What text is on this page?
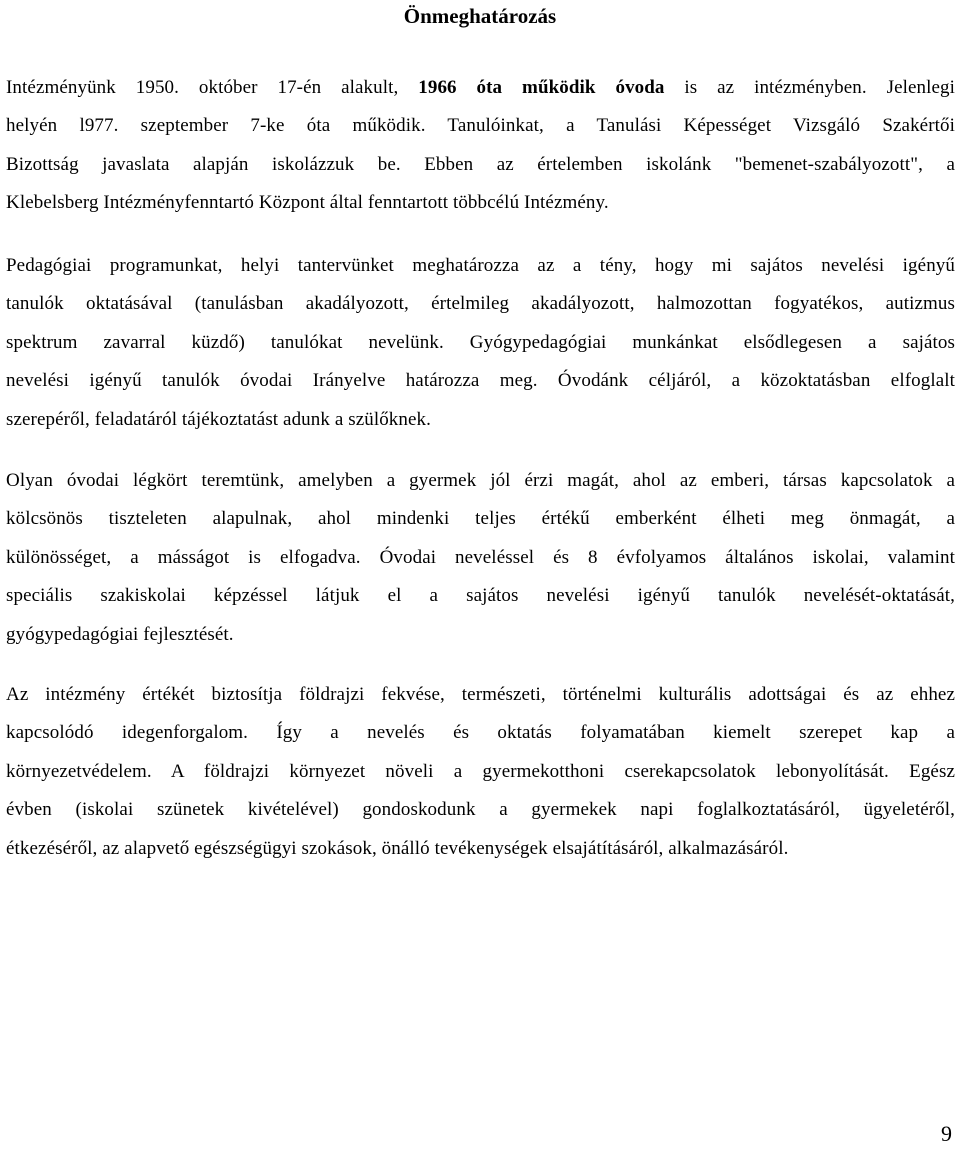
Önmeghatározás

Intézményünk 1950. október 17-én alakult, 1966 óta működik óvoda is az intézményben. Jelenlegi
helyén l977. szeptember 7-ke óta működik. Tanulóinkat, a Tanulási Képességet Vizsgáló Szakértői
Bizottság javaslata alapján iskolázzuk be. Ebben az értelemben iskolánk "bemenet-szabályozott", a
Klebelsberg Intézményfenntartó Központ által fenntartott többcélú Intézmény.

Pedagógiai programunkat, helyi tantervünket meghatározza az a tény, hogy mi sajátos nevelési igényű
tanulók oktatásával (tanulásban akadályozott, értelmileg akadályozott, halmozottan fogyatékos, autizmus
spektrum zavarral küzdő) tanulókat nevelünk. Gyógypedagógiai munkánkat elsődlegesen a sajátos
nevelési igényű tanulók óvodai Irányelve határozza meg. Óvodánk céljáról, a közoktatásban elfoglalt
szerepéről, feladatáról tájékoztatást adunk a szülőknek.

Olyan óvodai légkört teremtünk, amelyben a gyermek jól érzi magát, ahol az emberi, társas kapcsolatok a
kölcsönös tiszteleten alapulnak, ahol mindenki teljes értékű emberként élheti meg önmagát, a
különösséget, a másságot is elfogadva. Óvodai neveléssel és 8 évfolyamos általános iskolai, valamint
speciális szakiskolai képzéssel látjuk el a sajátos nevelési igényű tanulók nevelését-oktatását,
gyógypedagógiai fejlesztését.

Az intézmény értékét biztosítja földrajzi fekvése, természeti, történelmi kulturális adottságai és az ehhez
kapcsolódó idegenforgalom. Így a nevelés és oktatás folyamatában kiemelt szerepet kap a
környezetvédelem. A földrajzi környezet növeli a gyermekotthoni cserekapcsolatok lebonyolítását. Egész
évben (iskolai szünetek kivételével) gondoskodunk a gyermekek napi foglalkoztatásáról, ügyeletéről,
étkezéséről, az alapvető egészségügyi szokások, önálló tevékenységek elsajátításáról, alkalmazásáról.

9
